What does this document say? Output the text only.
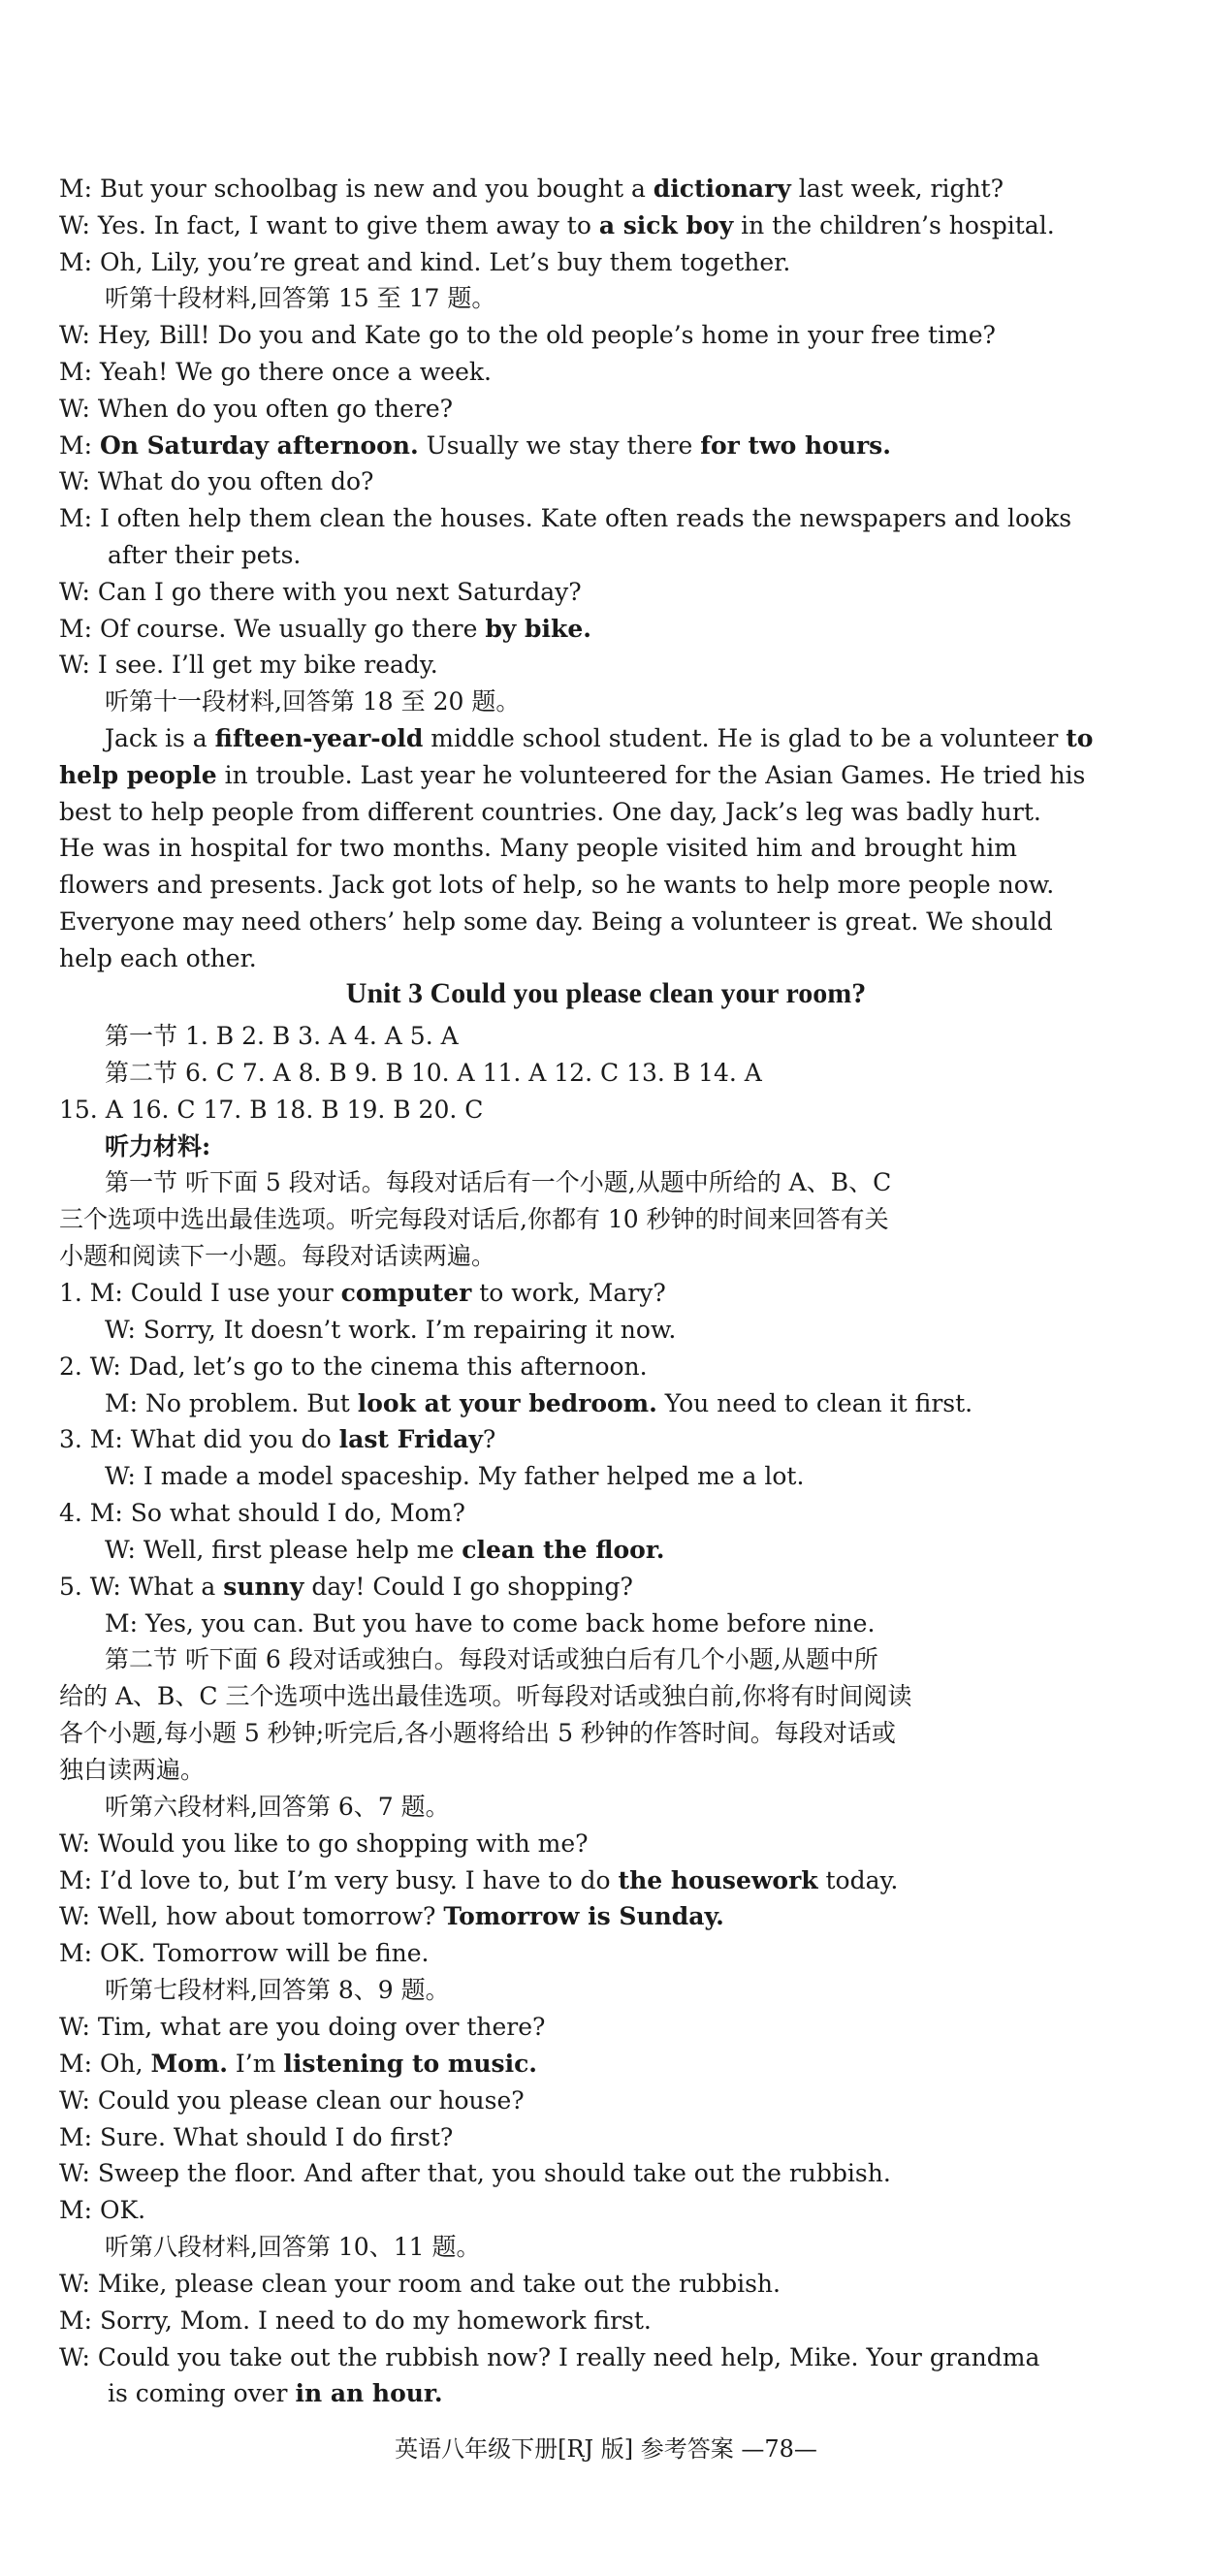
M: But your schoolbag is new and you bought a dictionary last week, right?
W: Yes. In fact, I want to give them away to a sick boy in the children’s hospital.
M: Oh, Lily, you’re great and kind. Let’s buy them together.
听第十段材料,回答第 15 至 17 题。
W: Hey, Bill! Do you and Kate go to the old people’s home in your free time?
M: Yeah! We go there once a week.
W: When do you often go there?
M: On Saturday afternoon. Usually we stay there for two hours.
W: What do you often do?
M: I often help them clean the houses. Kate often reads the newspapers and looks
after their pets.
W: Can I go there with you next Saturday?
M: Of course. We usually go there by bike.
W: I see. I’ll get my bike ready.
听第十一段材料,回答第 18 至 20 题。
Jack is a fifteen-year-old middle school student. He is glad to be a volunteer to
help people in trouble. Last year he volunteered for the Asian Games. He tried his
best to help people from different countries. One day, Jack’s leg was badly hurt.
He was in hospital for two months. Many people visited him and brought him
flowers and presents. Jack got lots of help, so he wants to help more people now.
Everyone may need others’ help some day. Being a volunteer is great. We should
help each other.
Unit 3 Could you please clean your room?
第一节 1. B 2. B 3. A 4. A 5. A
第二节 6. C 7. A 8. B 9. B 10. A 11. A 12. C 13. B 14. A
15. A 16. C 17. B 18. B 19. B 20. C
听力材料:
第一节 听下面 5 段对话。每段对话后有一个小题,从题中所给的 A、B、C
三个选项中选出最佳选项。听完每段对话后,你都有 10 秒钟的时间来回答有关
小题和阅读下一小题。每段对话读两遍。
1. M: Could I use your computer to work, Mary?
W: Sorry, It doesn’t work. I’m repairing it now.
2. W: Dad, let’s go to the cinema this afternoon.
M: No problem. But look at your bedroom. You need to clean it first.
3. M: What did you do last Friday?
W: I made a model spaceship. My father helped me a lot.
4. M: So what should I do, Mom?
W: Well, first please help me clean the floor.
5. W: What a sunny day! Could I go shopping?
M: Yes, you can. But you have to come back home before nine.
第二节 听下面 6 段对话或独白。每段对话或独白后有几个小题,从题中所
给的 A、B、C 三个选项中选出最佳选项。听每段对话或独白前,你将有时间阅读
各个小题,每小题 5 秒钟;听完后,各小题将给出 5 秒钟的作答时间。每段对话或
独白读两遍。
听第六段材料,回答第 6、7 题。
W: Would you like to go shopping with me?
M: I’d love to, but I’m very busy. I have to do the housework today.
W: Well, how about tomorrow? Tomorrow is Sunday.
M: OK. Tomorrow will be fine.
听第七段材料,回答第 8、9 题。
W: Tim, what are you doing over there?
M: Oh, Mom. I’m listening to music.
W: Could you please clean our house?
M: Sure. What should I do first?
W: Sweep the floor. And after that, you should take out the rubbish.
M: OK.
听第八段材料,回答第 10、11 题。
W: Mike, please clean your room and take out the rubbish.
M: Sorry, Mom. I need to do my homework first.
W: Could you take out the rubbish now? I really need help, Mike. Your grandma
is coming over in an hour.
英语八年级下册[RJ 版] 参考答案 —78—
